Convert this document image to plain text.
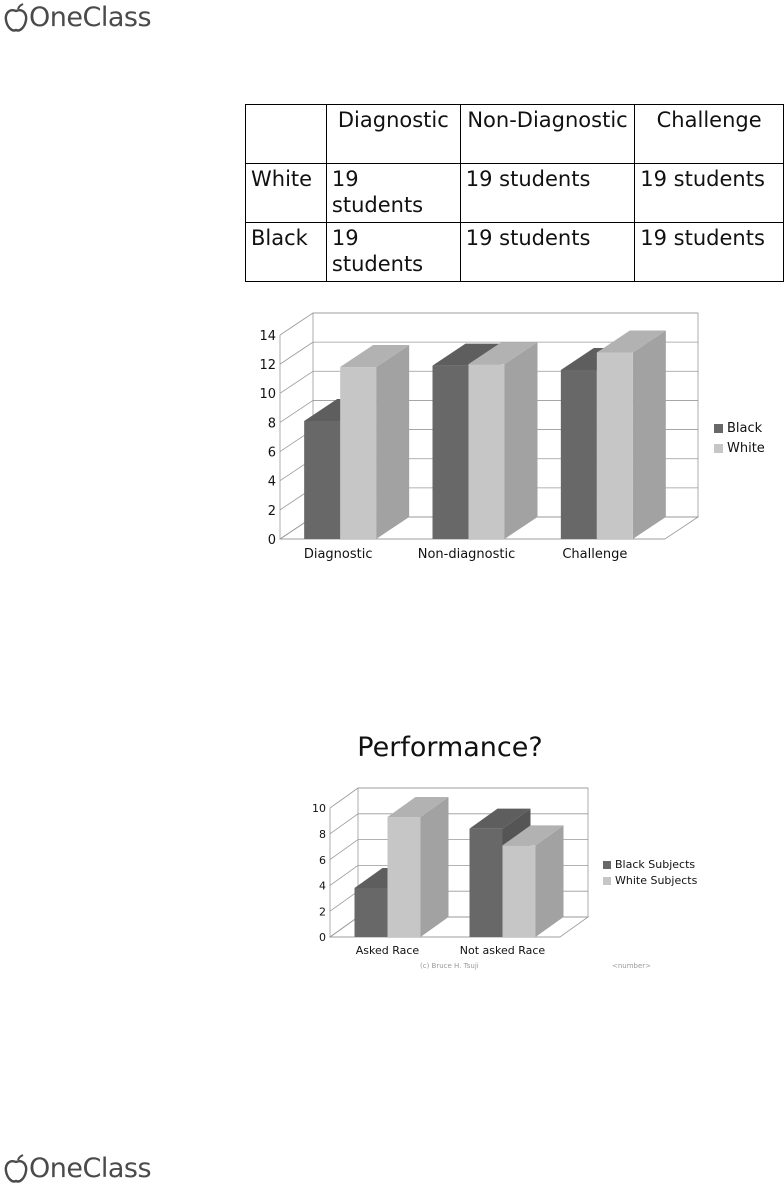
OneClass
	Diagnostic	Non-Diagnostic	Challenge
White	19 students	19 students	19 students
Black	19 students	19 students	19 students
0
2
4
6
8
10
12
14
Diagnostic	Non-diagnostic	Challenge
Black
White
Performance?
0
2
4
6
8
10
Asked Race	Not asked Race
Black Subjects
White Subjects
(c) Bruce H. Tsuji	<number>
OneClass
